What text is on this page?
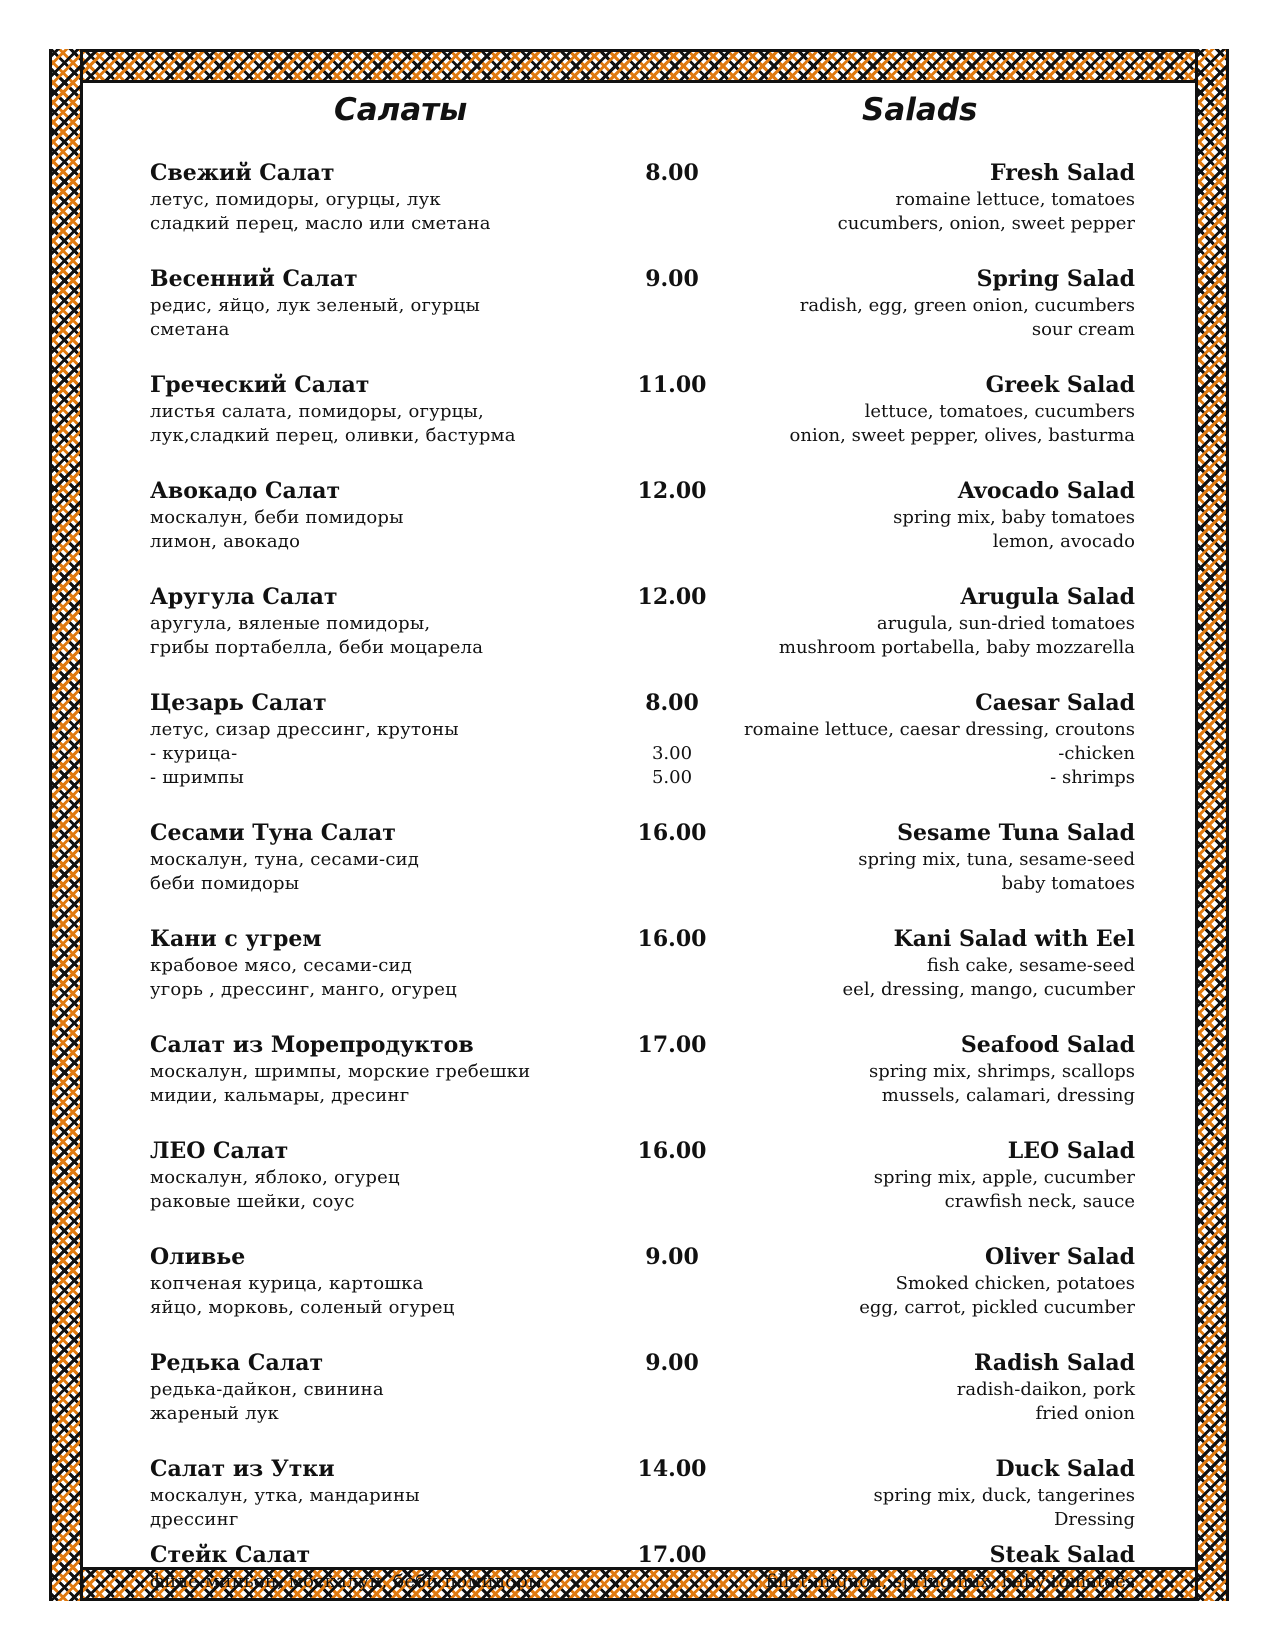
Салаты	Salads
Свежий Салат	8.00	Fresh Salad
летус, помидоры, огурцы, лук	romaine lettuce, tomatoes
сладкий перец, масло или сметана	cucumbers, onion, sweet pepper
Весенний Салат	9.00	Spring Salad
редис, яйцо, лук зеленый, огурцы	radish, egg, green onion, cucumbers
сметана	sour cream
Греческий Салат	11.00	Greek Salad
листья салата, помидоры, огурцы,	lettuce, tomatoes, cucumbers
лук,сладкий перец, оливки, бастурма	onion, sweet pepper, olives, basturma
Авокадо Салат	12.00	Avocado Salad
москалун, беби помидоры	spring mix, baby tomatoes
лимон, авокадо	lemon, avocado
Аругула Салат	12.00	Arugula Salad
аругула, вяленые помидоры,	arugula, sun-dried tomatoes
грибы портабелла, беби моцарела	mushroom portabella, baby mozzarella
Цезарь Салат	8.00	Caesar Salad
летус, сизар дрессинг, крутоны	romaine lettuce, caesar dressing, croutons
- курица-	3.00	-chicken
- шримпы	5.00	- shrimps
Сесами Туна Салат	16.00	Sesame Tuna Salad
москалун, туна, сесами-сид	spring mix, tuna, sesame-seed
беби помидоры	baby tomatoes
Кани с угрем	16.00	Kani Salad with Eel
крабовое мясо, сесами-сид	fish cake, sesame-seed
угорь , дрессинг, манго, огурец	eel, dressing, mango, cucumber
Салат из Морепродуктов	17.00	Seafood Salad
москалун, шримпы, морские гребешки	spring mix, shrimps, scallops
мидии, кальмары, дресинг	mussels, calamari, dressing
ЛЕО Салат	16.00	LEO Salad
москалун, яблоко, огурец	spring mix, apple, cucumber
раковые шейки, соус	crawfish neck, sauce
Оливье	9.00	Oliver Salad
копченая курица, картошка	Smoked chicken, potatoes
яйцо, морковь, соленый огурец	egg, carrot, pickled cucumber
Редька Салат	9.00	Radish Salad
редька-дайкон, свинина	radish-daikon, pork
жареный лук	fried onion
Салат из Утки	14.00	Duck Salad
москалун, утка, мандарины	spring mix, duck, tangerines
дрессинг	Dressing
Стейк Салат	17.00	Steak Salad
филе-миньон, москалун, беби помидоры	fillet-mignon, spring mix, baby tomatoes
